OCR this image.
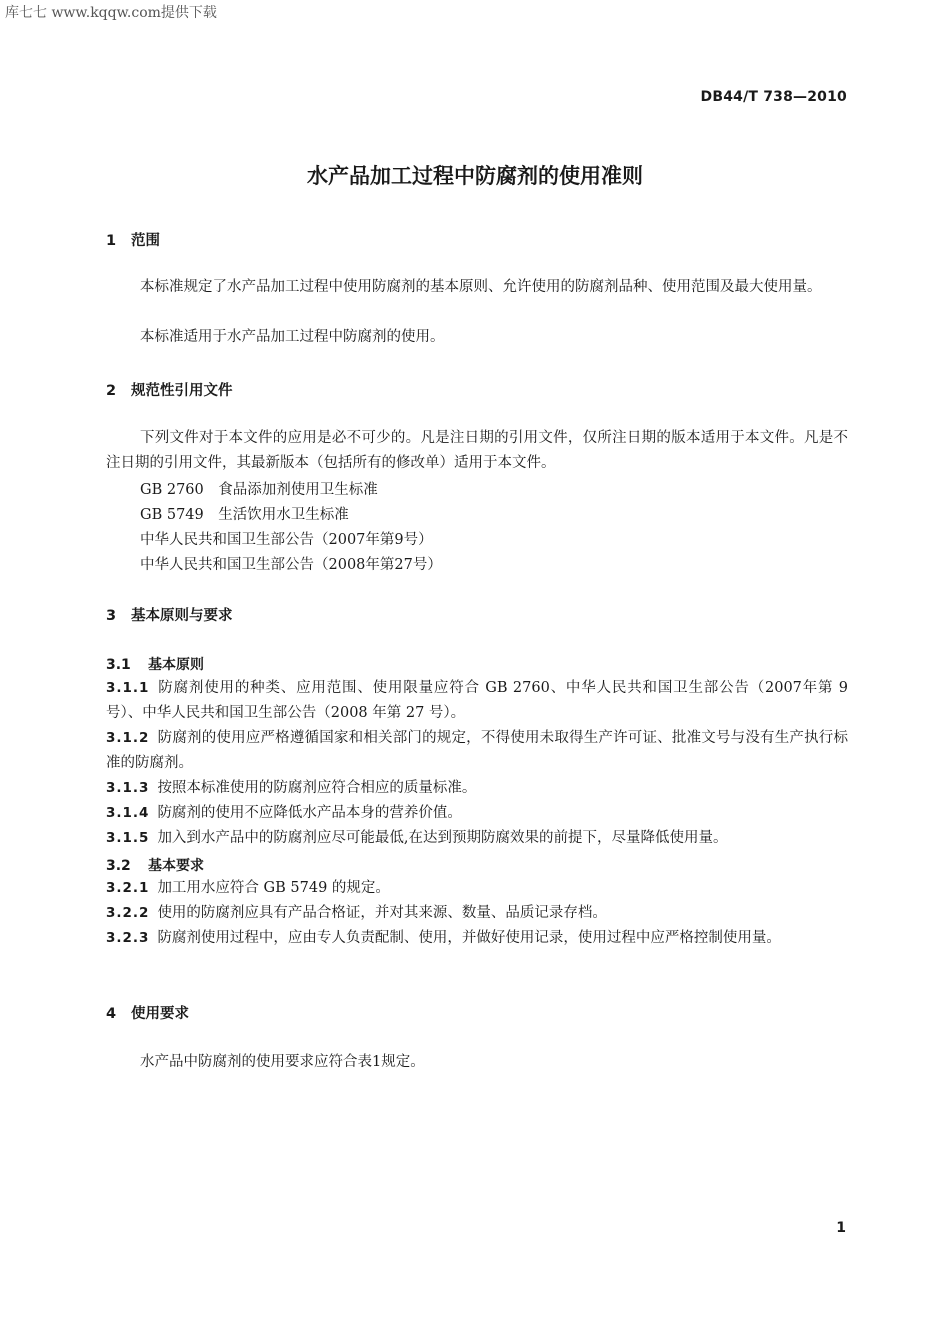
库七七 www.kqqw.com提供下载
DB44/T 738—2010
水产品加工过程中防腐剂的使用准则
1 范围
本标准规定了水产品加工过程中使用防腐剂的基本原则、允许使用的防腐剂品种、使用范围及最大使用量。
本标准适用于水产品加工过程中防腐剂的使用。
2 规范性引用文件
下列文件对于本文件的应用是必不可少的。凡是注日期的引用文件，仅所注日期的版本适用于本文件。凡是不注日期的引用文件，其最新版本（包括所有的修改单）适用于本文件。
GB 2760　食品添加剂使用卫生标准
GB 5749　生活饮用水卫生标准
中华人民共和国卫生部公告（2007年第9号）
中华人民共和国卫生部公告（2008年第27号）
3 基本原则与要求
3.1 基本原则
3.1.1 防腐剂使用的种类、应用范围、使用限量应符合 GB 2760、中华人民共和国卫生部公告（2007年第 9 号）、中华人民共和国卫生部公告（2008 年第 27 号）。
3.1.2 防腐剂的使用应严格遵循国家和相关部门的规定，不得使用未取得生产许可证、批准文号与没有生产执行标准的防腐剂。
3.1.3 按照本标准使用的防腐剂应符合相应的质量标准。
3.1.4 防腐剂的使用不应降低水产品本身的营养价值。
3.1.5 加入到水产品中的防腐剂应尽可能最低,在达到预期防腐效果的前提下，尽量降低使用量。
3.2 基本要求
3.2.1 加工用水应符合 GB 5749 的规定。
3.2.2 使用的防腐剂应具有产品合格证，并对其来源、数量、品质记录存档。
3.2.3 防腐剂使用过程中，应由专人负责配制、使用，并做好使用记录，使用过程中应严格控制使用量。
4 使用要求
水产品中防腐剂的使用要求应符合表1规定。
1
